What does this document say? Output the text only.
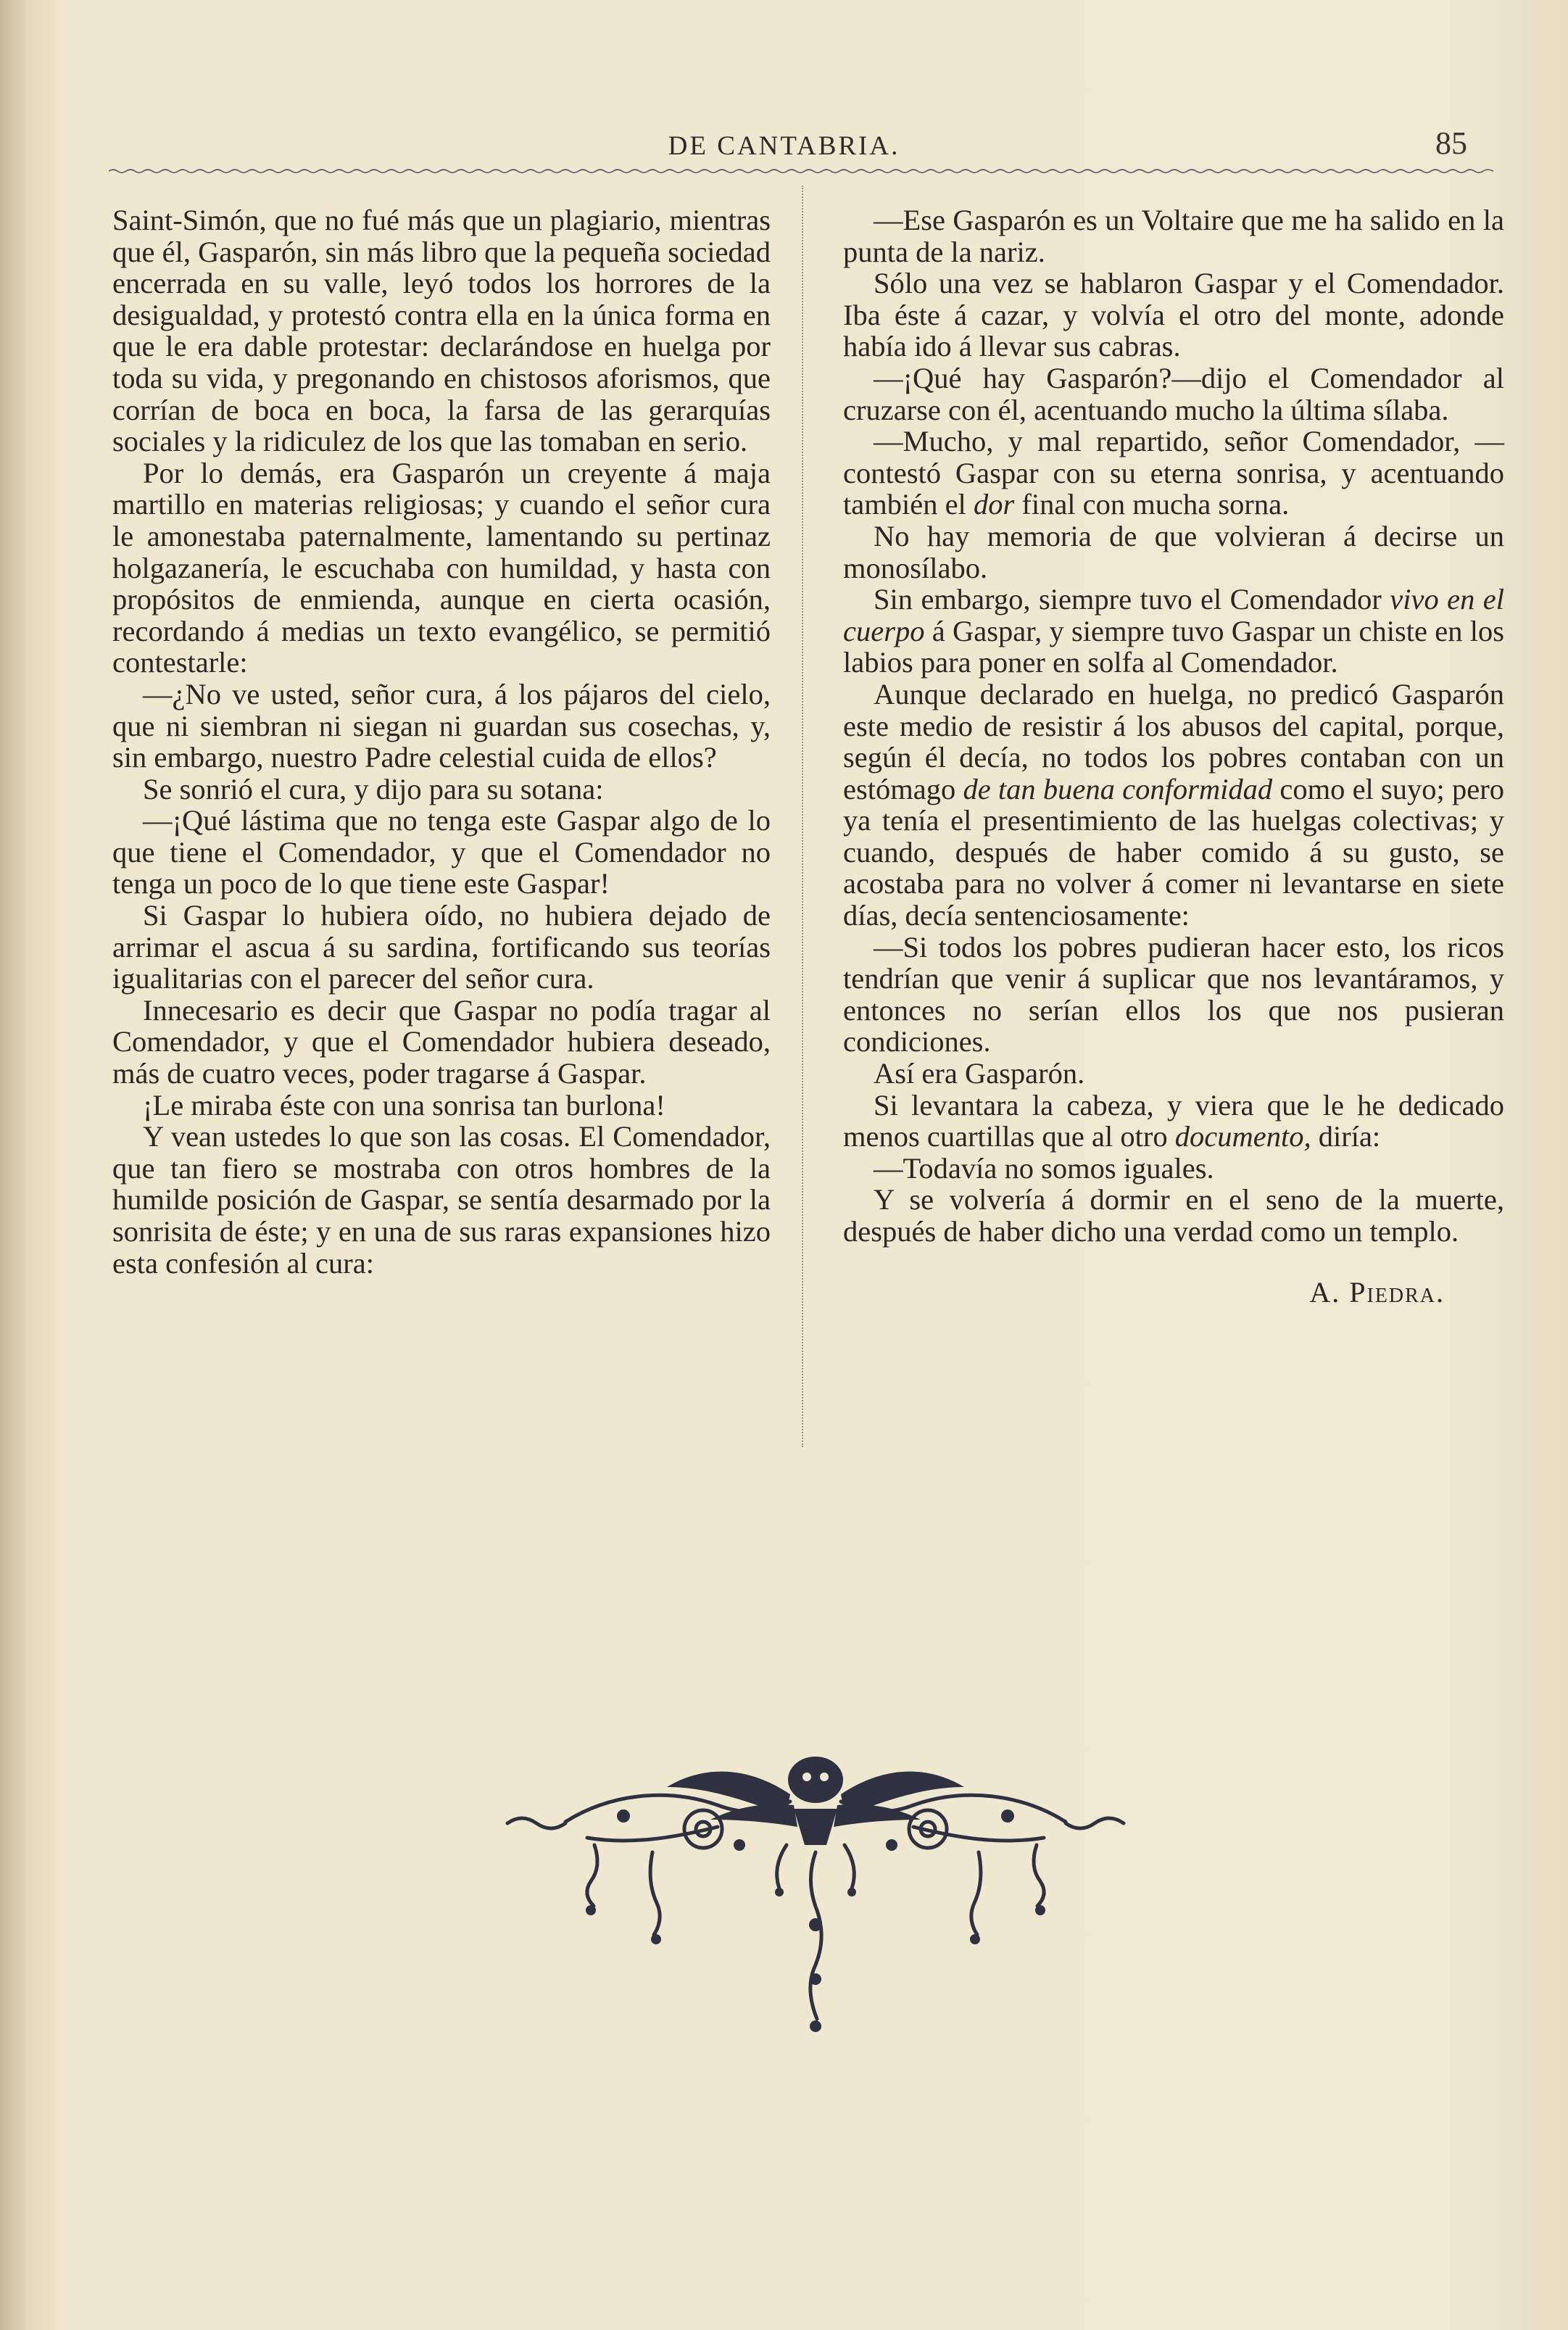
DE CANTABRIA.	85

Saint-Simón, que no fué más que un plagiario, mientras que él, Gasparón, sin más libro que la pequeña sociedad encerrada en su valle, leyó todos los horrores de la desigualdad, y protestó contra ella en la única forma en que le era dable protestar: declarándose en huelga por toda su vida, y pregonando en chistosos aforismos, que corrían de boca en boca, la farsa de las gerarquías sociales y la ridiculez de los que las tomaban en serio.

Por lo demás, era Gasparón un creyente á maja martillo en materias religiosas; y cuando el señor cura le amonestaba paternalmente, lamentando su pertinaz holgazanería, le escuchaba con humildad, y hasta con propósitos de enmienda, aunque en cierta ocasión, recordando á medias un texto evangélico, se permitió contestarle:

—¿No ve usted, señor cura, á los pájaros del cielo, que ni siembran ni siegan ni guardan sus cosechas, y, sin embargo, nuestro Padre celestial cuida de ellos?

Se sonrió el cura, y dijo para su sotana:

—¡Qué lástima que no tenga este Gaspar algo de lo que tiene el Comendador, y que el Comendador no tenga un poco de lo que tiene este Gaspar!

Si Gaspar lo hubiera oído, no hubiera dejado de arrimar el ascua á su sardina, fortificando sus teorías igualitarias con el parecer del señor cura.

Innecesario es decir que Gaspar no podía tragar al Comendador, y que el Comendador hubiera deseado, más de cuatro veces, poder tragarse á Gaspar.

¡Le miraba éste con una sonrisa tan burlona!

Y vean ustedes lo que son las cosas. El Comendador, que tan fiero se mostraba con otros hombres de la humilde posición de Gaspar, se sentía desarmado por la sonrisita de éste; y en una de sus raras expansiones hizo esta confesión al cura:

—Ese Gasparón es un Voltaire que me ha salido en la punta de la nariz.

Sólo una vez se hablaron Gaspar y el Comendador. Iba éste á cazar, y volvía el otro del monte, adonde había ido á llevar sus cabras.

—¡Qué hay Gasparón?—dijo el Comendador al cruzarse con él, acentuando mucho la última sílaba.

—Mucho, y mal repartido, señor Comendador, —contestó Gaspar con su eterna sonrisa, y acentuando también el dor final con mucha sorna.

No hay memoria de que volvieran á decirse un monosílabo.

Sin embargo, siempre tuvo el Comendador vivo en el cuerpo á Gaspar, y siempre tuvo Gaspar un chiste en los labios para poner en solfa al Comendador.

Aunque declarado en huelga, no predicó Gasparón este medio de resistir á los abusos del capital, porque, según él decía, no todos los pobres contaban con un estómago de tan buena conformidad como el suyo; pero ya tenía el presentimiento de las huelgas colectivas; y cuando, después de haber comido á su gusto, se acostaba para no volver á comer ni levantarse en siete días, decía sentenciosamente:

—Si todos los pobres pudieran hacer esto, los ricos tendrían que venir á suplicar que nos levantáramos, y entonces no serían ellos los que nos pusieran condiciones.

Así era Gasparón.

Si levantara la cabeza, y viera que le he dedicado menos cuartillas que al otro documento, diría:

—Todavía no somos iguales.

Y se volvería á dormir en el seno de la muerte, después de haber dicho una verdad como un templo.

A. Piedra.
